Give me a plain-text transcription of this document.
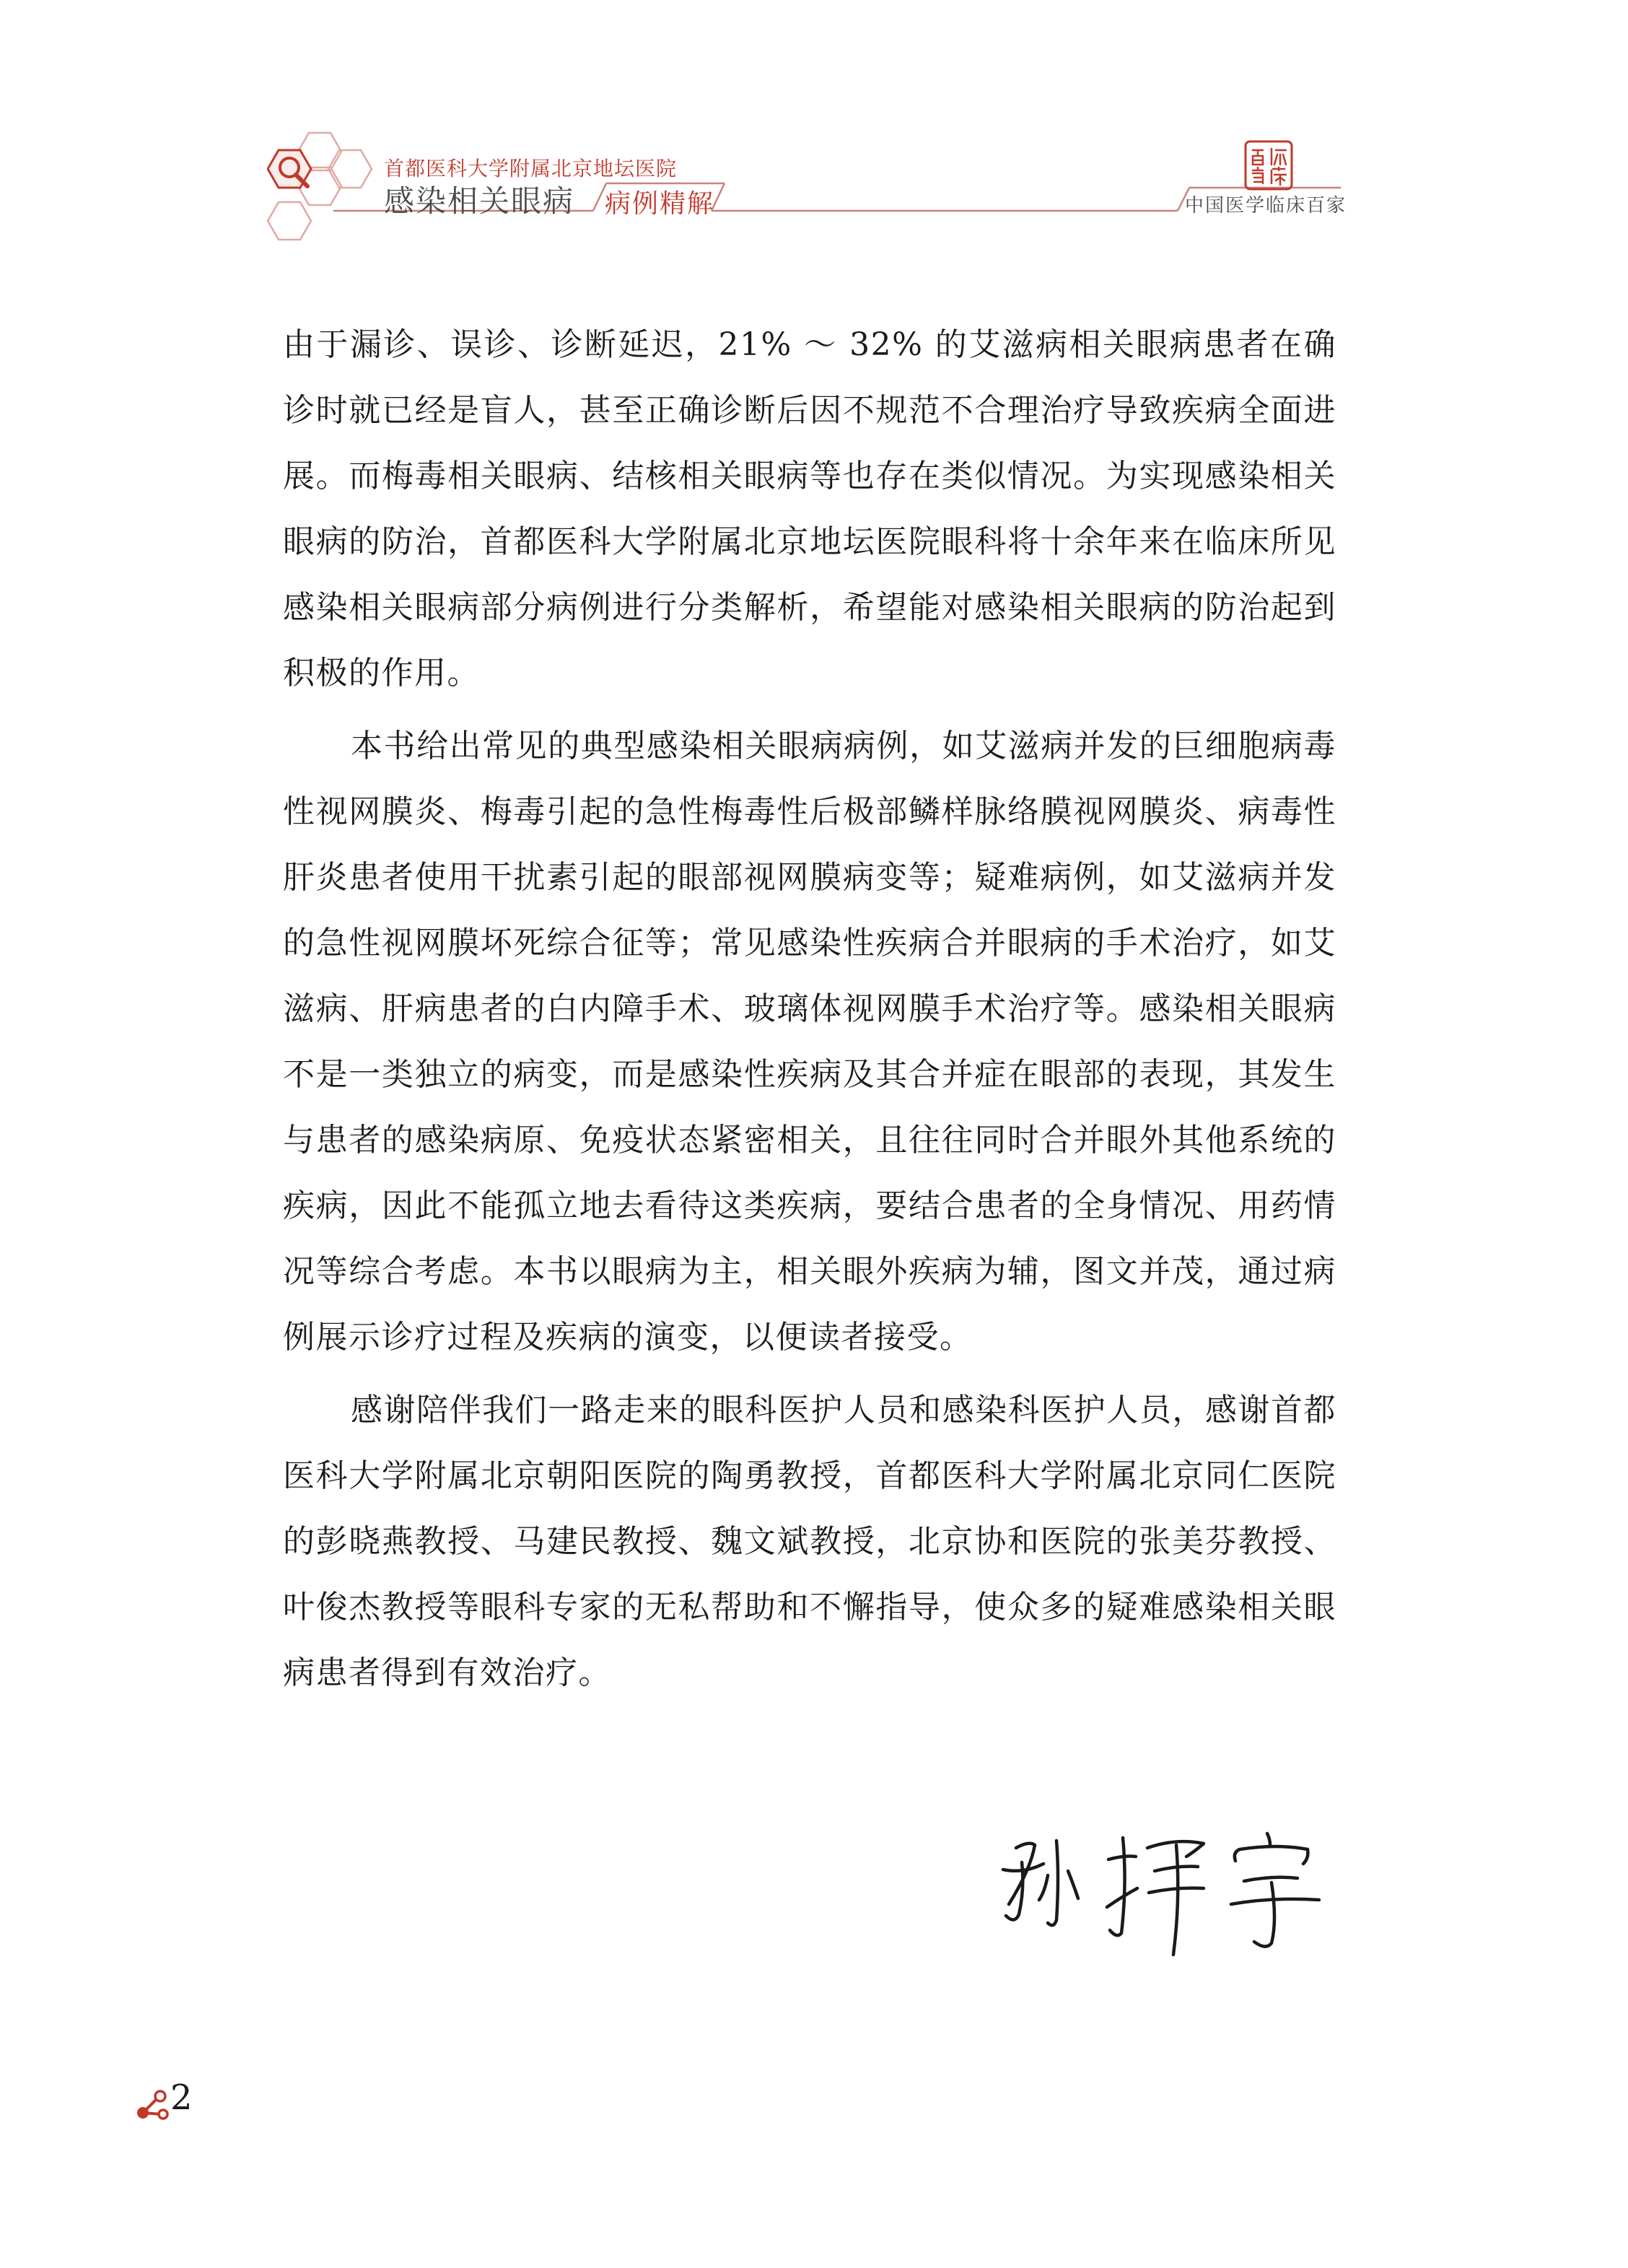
首都医科大学附属北京地坛医院
感染相关眼病 病例精解	中国医学临床百家

由于漏诊、误诊、诊断延迟，21% ～ 32% 的艾滋病相关眼病患者在确诊时就已经是盲人，甚至正确诊断后因不规范不合理治疗导致疾病全面进展。而梅毒相关眼病、结核相关眼病等也存在类似情况。为实现感染相关眼病的防治，首都医科大学附属北京地坛医院眼科将十余年来在临床所见感染相关眼病部分病例进行分类解析，希望能对感染相关眼病的防治起到积极的作用。

本书给出常见的典型感染相关眼病病例，如艾滋病并发的巨细胞病毒性视网膜炎、梅毒引起的急性梅毒性后极部鳞样脉络膜视网膜炎、病毒性肝炎患者使用干扰素引起的眼部视网膜病变等；疑难病例，如艾滋病并发的急性视网膜坏死综合征等；常见感染性疾病合并眼病的手术治疗，如艾滋病、肝病患者的白内障手术、玻璃体视网膜手术治疗等。感染相关眼病不是一类独立的病变，而是感染性疾病及其合并症在眼部的表现，其发生与患者的感染病原、免疫状态紧密相关，且往往同时合并眼外其他系统的疾病，因此不能孤立地去看待这类疾病，要结合患者的全身情况、用药情况等综合考虑。本书以眼病为主，相关眼外疾病为辅，图文并茂，通过病例展示诊疗过程及疾病的演变，以便读者接受。

感谢陪伴我们一路走来的眼科医护人员和感染科医护人员，感谢首都医科大学附属北京朝阳医院的陶勇教授，首都医科大学附属北京同仁医院的彭晓燕教授、马建民教授、魏文斌教授，北京协和医院的张美芬教授、叶俊杰教授等眼科专家的无私帮助和不懈指导，使众多的疑难感染相关眼病患者得到有效治疗。

2
